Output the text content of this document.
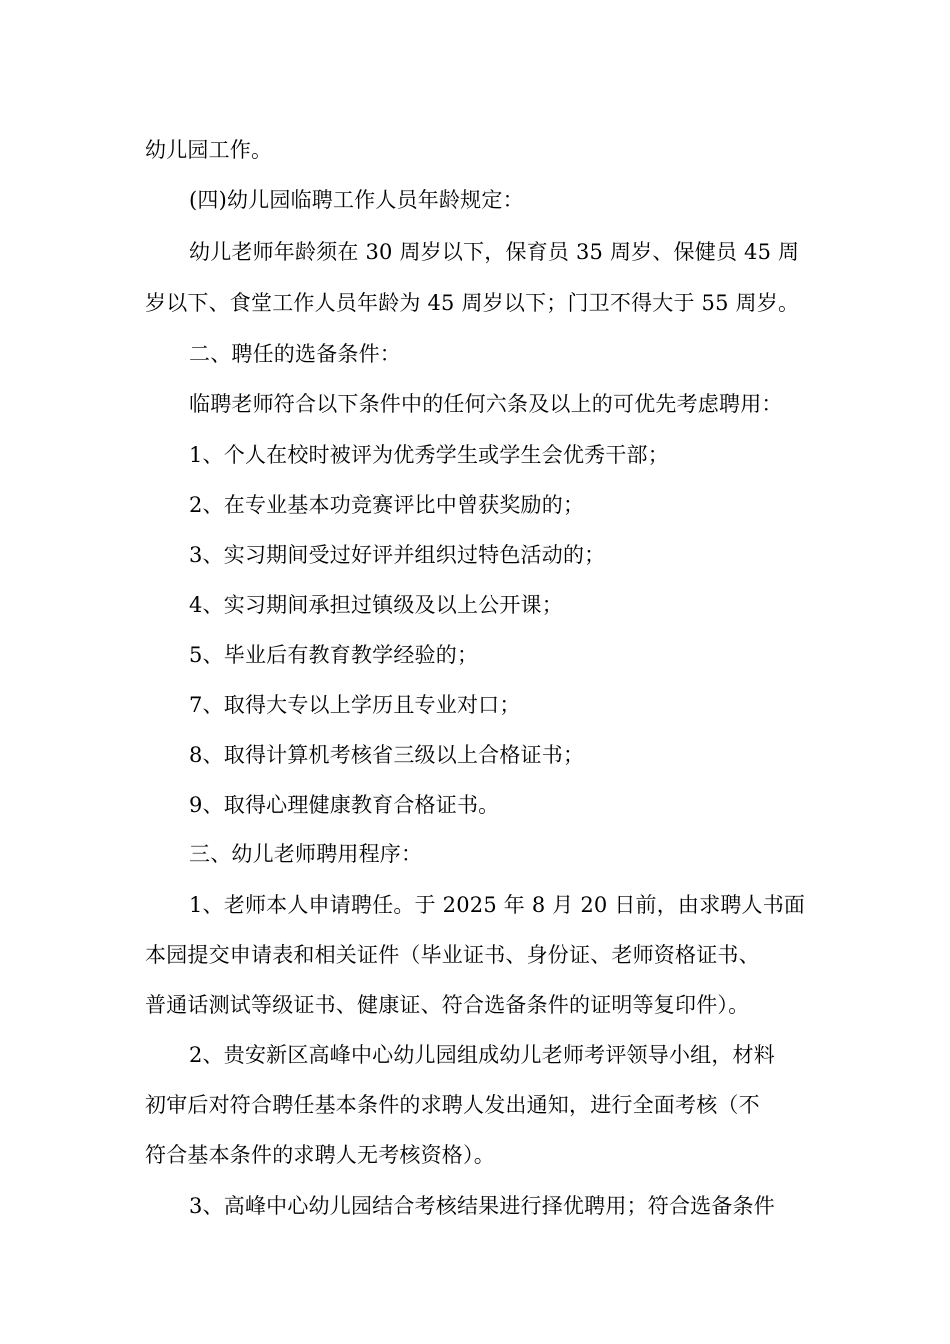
幼儿园工作。
(四)幼儿园临聘工作人员年龄规定：
幼儿老师年龄须在 30 周岁以下，保育员 35 周岁、保健员 45 周
岁以下、食堂工作人员年龄为 45 周岁以下；门卫不得大于 55 周岁。
二、聘任的选备条件：
临聘老师符合以下条件中的任何六条及以上的可优先考虑聘用：
1、个人在校时被评为优秀学生或学生会优秀干部；
2、在专业基本功竞赛评比中曾获奖励的；
3、实习期间受过好评并组织过特色活动的；
4、实习期间承担过镇级及以上公开课；
5、毕业后有教育教学经验的；
7、取得大专以上学历且专业对口；
8、取得计算机考核省三级以上合格证书；
9、取得心理健康教育合格证书。
三、幼儿老师聘用程序：
1、老师本人申请聘任。于 2025 年 8 月 20 日前，由求聘人书面
本园提交申请表和相关证件（毕业证书、身份证、老师资格证书、
普通话测试等级证书、健康证、符合选备条件的证明等复印件）。
2、贵安新区高峰中心幼儿园组成幼儿老师考评领导小组，材料
初审后对符合聘任基本条件的求聘人发出通知，进行全面考核（不
符合基本条件的求聘人无考核资格）。
3、高峰中心幼儿园结合考核结果进行择优聘用；符合选备条件
